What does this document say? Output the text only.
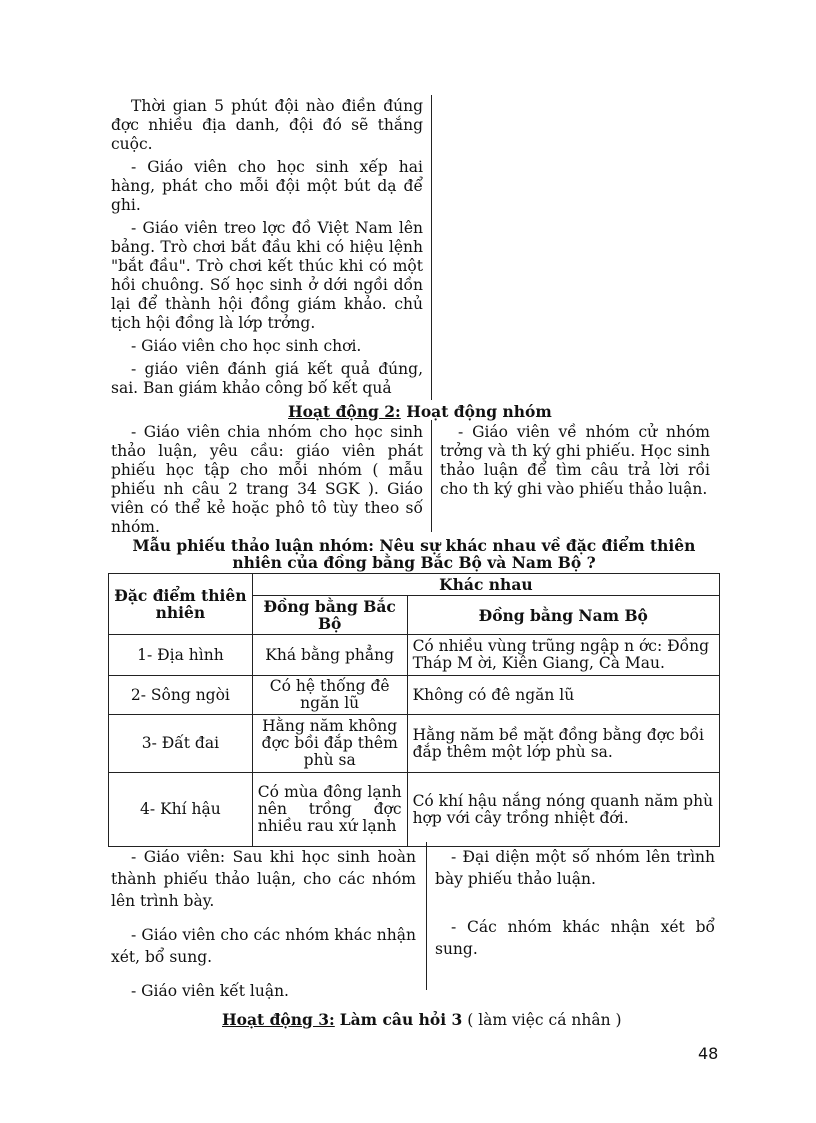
Thời gian 5 phút đội nào điền đúng đợc nhiều địa danh, đội đó sẽ thắng cuộc.

- Giáo viên cho học sinh xếp hai hàng, phát cho mỗi đội một bút dạ để ghi.

- Giáo viên treo lợc đồ Việt Nam lên bảng. Trò chơi bắt đầu khi có hiệu lệnh "bắt đầu". Trò chơi kết thúc khi có một hồi chuông. Số học sinh ở dới ngồi dồn lại để thành hội đồng giám khảo. chủ tịch hội đồng là lớp trởng.

- Giáo viên cho học sinh chơi.

- giáo viên đánh giá kết quả đúng, sai. Ban giám khảo công bố kết quả

Hoạt động 2: Hoạt động nhóm
- Giáo viên chia nhóm cho học sinh thảo luận, yêu cầu: giáo viên phát phiếu học tập cho mỗi nhóm ( mẫu phiếu nh câu 2 trang 34 SGK ). Giáo viên có thể kẻ hoặc phô tô tùy theo số nhóm.
- Giáo viên về nhóm cử nhóm trởng và th ký ghi phiếu. Học sinh thảo luận để tìm câu trả lời rồi cho th ký ghi vào phiếu thảo luận.
Mẫu phiếu thảo luận nhóm: Nêu sự khác nhau về đặc điểm thiên
nhiên của đồng bằng Bắc Bộ và Nam Bộ ?
Đặc điểm thiên nhiên	Khác nhau	
	Đồng bằng Bắc Bộ	Đồng bằng Nam Bộ
1- Địa hình	Khá bằng phẳng	Có nhiều vùng trũng ngập n ớc: Đồng Tháp M ời, Kiên Giang, Cà Mau.
2- Sông ngòi	Có hệ thống đê ngăn lũ	Không có đê ngăn lũ
3- Đất đai	Hằng năm không đợc bồi đắp thêm phù sa	Hằng năm bề mặt đồng bằng đợc bồi đắp thêm một lớp phù sa.
4- Khí hậu	Có mùa đông lạnh nên trồng đợc nhiều rau xứ lạnh	Có khí hậu nắng nóng quanh năm phù hợp với cây trồng nhiệt đới.

- Giáo viên: Sau khi học sinh hoàn thành phiếu thảo luận, cho các nhóm lên trình bày.

- Giáo viên cho các nhóm khác nhận xét, bổ sung.

- Giáo viên kết luận.

- Đại diện một số nhóm lên trình bày phiếu thảo luận.

- Các nhóm khác nhận xét bổ sung.

Hoạt động 3: Làm câu hỏi 3 ( làm việc cá nhân )
48
